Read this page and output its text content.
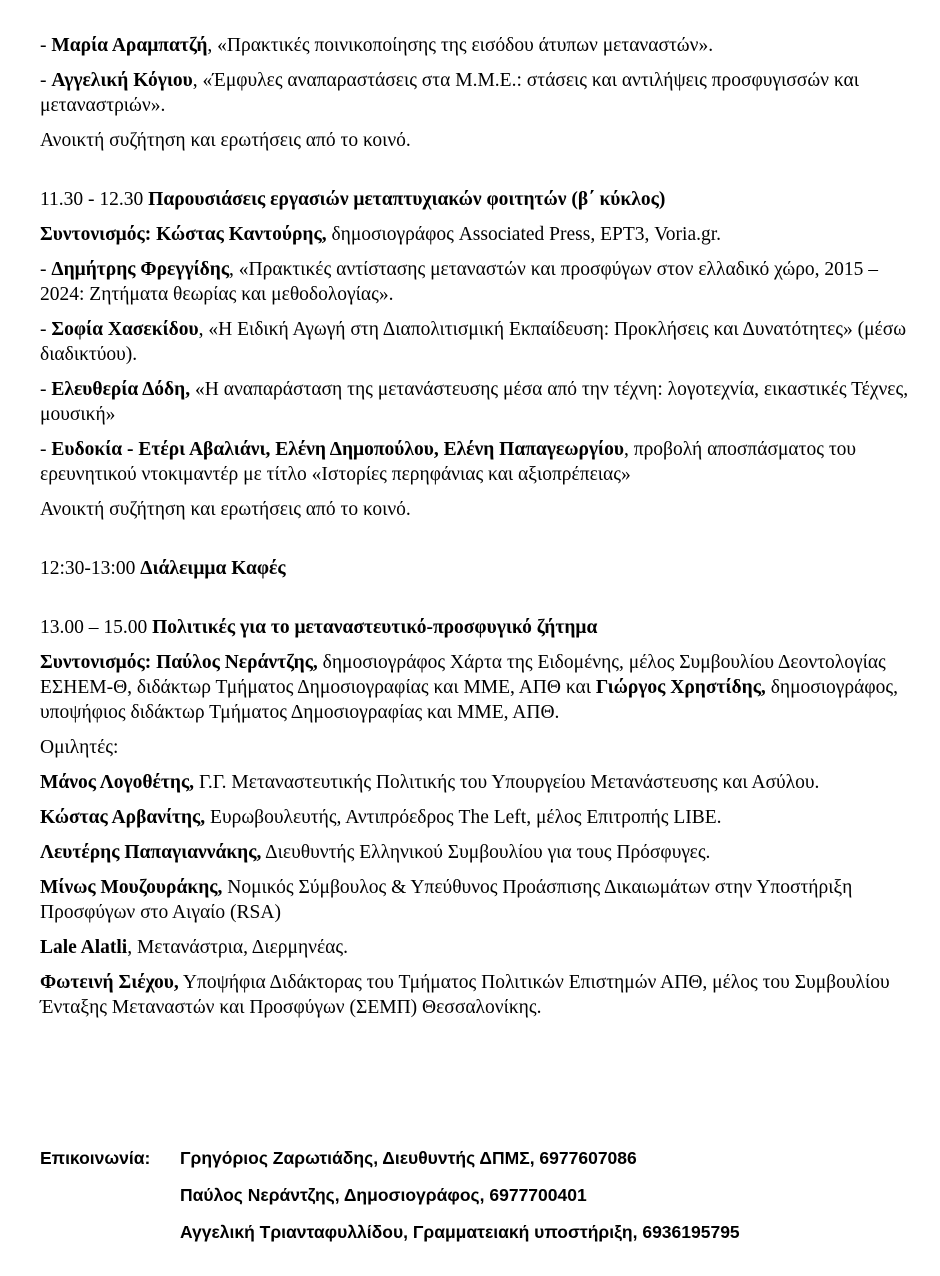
- Μαρία Αραμπατζή, «Πρακτικές ποινικοποίησης της εισόδου άτυπων μεταναστών».

- Αγγελική Κόγιου, «Έμφυλες αναπαραστάσεις στα Μ.Μ.Ε.: στάσεις και αντιλήψεις προσφυγισσών και μεταναστριών».

Ανοικτή συζήτηση και ερωτήσεις από το κοινό.

11.30 - 12.30 Παρουσιάσεις εργασιών μεταπτυχιακών φοιτητών (β΄ κύκλος)

Συντονισμός: Κώστας Καντούρης, δημοσιογράφος Associated Press, ΕΡΤ3, Voria.gr.

- Δημήτρης Φρεγγίδης, «Πρακτικές αντίστασης μεταναστών και προσφύγων στον ελλαδικό χώρο, 2015 – 2024: Ζητήματα θεωρίας και μεθοδολογίας».

- Σοφία Χασεκίδου, «Η Ειδική Αγωγή στη Διαπολιτισμική Εκπαίδευση: Προκλήσεις και Δυνατότητες» (μέσω διαδικτύου).

- Ελευθερία Δόδη, «Η αναπαράσταση της μετανάστευσης μέσα από την τέχνη: λογοτεχνία, εικαστικές Τέχνες, μουσική»

- Ευδοκία - Ετέρι Αβαλιάνι, Ελένη Δημοπούλου, Ελένη Παπαγεωργίου, προβολή αποσπάσματος του ερευνητικού ντοκιμαντέρ με τίτλο «Ιστορίες περηφάνιας και αξιοπρέπειας»

Ανοικτή συζήτηση και ερωτήσεις από το κοινό.

12:30-13:00 Διάλειμμα Καφές

13.00 – 15.00 Πολιτικές για το μεταναστευτικό-προσφυγικό ζήτημα

Συντονισμός: Παύλος Νεράντζης, δημοσιογράφος Χάρτα της Ειδομένης, μέλος Συμβουλίου Δεοντολογίας ΕΣΗΕΜ-Θ, διδάκτωρ Τμήματος Δημοσιογραφίας και ΜΜΕ, ΑΠΘ και Γιώργος Χρηστίδης, δημοσιογράφος, υποψήφιος διδάκτωρ Τμήματος Δημοσιογραφίας και ΜΜΕ, ΑΠΘ.

Ομιλητές:

Μάνος Λογοθέτης, Γ.Γ. Μεταναστευτικής Πολιτικής του Υπουργείου Μετανάστευσης και Ασύλου.

Κώστας Αρβανίτης, Ευρωβουλευτής, Αντιπρόεδρος The Left, μέλος Επιτροπής LIBE.

Λευτέρης Παπαγιαννάκης, Διευθυντής Ελληνικού Συμβουλίου για τους Πρόσφυγες.

Μίνως Μουζουράκης, Νομικός Σύμβουλος & Υπεύθυνος Προάσπισης Δικαιωμάτων στην Υποστήριξη Προσφύγων στο Αιγαίο (RSA)

Lale Alatli, Μετανάστρια, Διερμηνέας.

Φωτεινή Σιέχου, Υποψήφια Διδάκτορας του Τμήματος Πολιτικών Επιστημών ΑΠΘ, μέλος του Συμβουλίου Ένταξης Μεταναστών και Προσφύγων (ΣΕΜΠ) Θεσσαλονίκης.

Επικοινωνία:	Γρηγόριος Ζαρωτιάδης, Διευθυντής ΔΠΜΣ, 6977607086
Παύλος Νεράντζης, Δημοσιογράφος, 6977700401
Αγγελική Τριανταφυλλίδου, Γραμματειακή υποστήριξη, 6936195795
